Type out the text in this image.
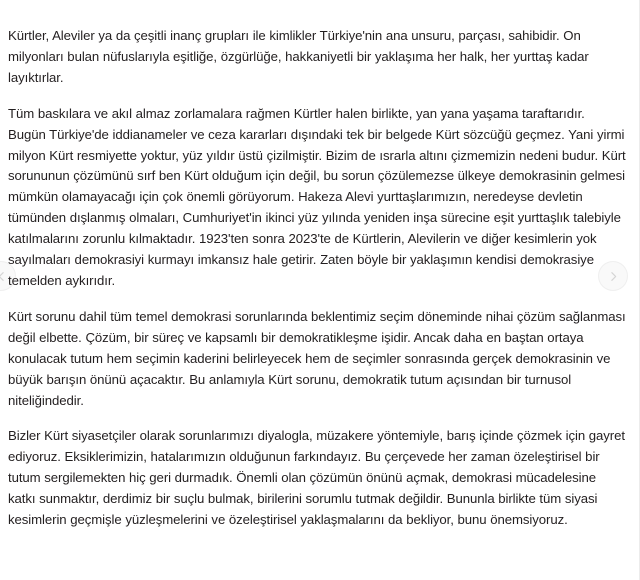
Kürtler, Aleviler ya da çeşitli inanç grupları ile kimlikler Türkiye'nin ana unsuru, parçası, sahibidir. On milyonları bulan nüfuslarıyla eşitliğe, özgürlüğe, hakkaniyetli bir yaklaşıma her halk, her yurttaş kadar layıktırlar.

Tüm baskılara ve akıl almaz zorlamalara rağmen Kürtler halen birlikte, yan yana yaşama taraftarıdır. Bugün Türkiye'de iddianameler ve ceza kararları dışındaki tek bir belgede Kürt sözcüğü geçmez. Yani yirmi milyon Kürt resmiyette yoktur, yüz yıldır üstü çizilmiştir. Bizim de ısrarla altını çizmemizin nedeni budur. Kürt sorununun çözümünü sırf ben Kürt olduğum için değil, bu sorun çözülemezse ülkeye demokrasinin gelmesi mümkün olamayacağı için çok önemli görüyorum. Hakeza Alevi yurttaşlarımızın, neredeyse devletin tümünden dışlanmış olmaları, Cumhuriyet'in ikinci yüz yılında yeniden inşa sürecine eşit yurttaşlık talebiyle katılmalarını zorunlu kılmaktadır. 1923'ten sonra 2023'te de Kürtlerin, Alevilerin ve diğer kesimlerin yok sayılmaları demokrasiyi kurmayı imkansız hale getirir. Zaten böyle bir yaklaşımın kendisi demokrasiye temelden aykırıdır.

Kürt sorunu dahil tüm temel demokrasi sorunlarında beklentimiz seçim döneminde nihai çözüm sağlanması değil elbette. Çözüm, bir süreç ve kapsamlı bir demokratikleşme işidir. Ancak daha en baştan ortaya konulacak tutum hem seçimin kaderini belirleyecek hem de seçimler sonrasında gerçek demokrasinin ve büyük barışın önünü açacaktır. Bu anlamıyla Kürt sorunu, demokratik tutum açısından bir turnusol niteliğindedir.

Bizler Kürt siyasetçiler olarak sorunlarımızı diyalogla, müzakere yöntemiyle, barış içinde çözmek için gayret ediyoruz. Eksiklerimizin, hatalarımızın olduğunun farkındayız. Bu çerçevede her zaman özeleştirisel bir tutum sergilemekten hiç geri durmadık. Önemli olan çözümün önünü açmak, demokrasi mücadelesine katkı sunmaktır, derdimiz bir suçlu bulmak, birilerini sorumlu tutmak değildir. Bununla birlikte tüm siyasi kesimlerin geçmişle yüzleşmelerini ve özeleştirisel yaklaşmalarını da bekliyor, bunu önemsiyoruz.
